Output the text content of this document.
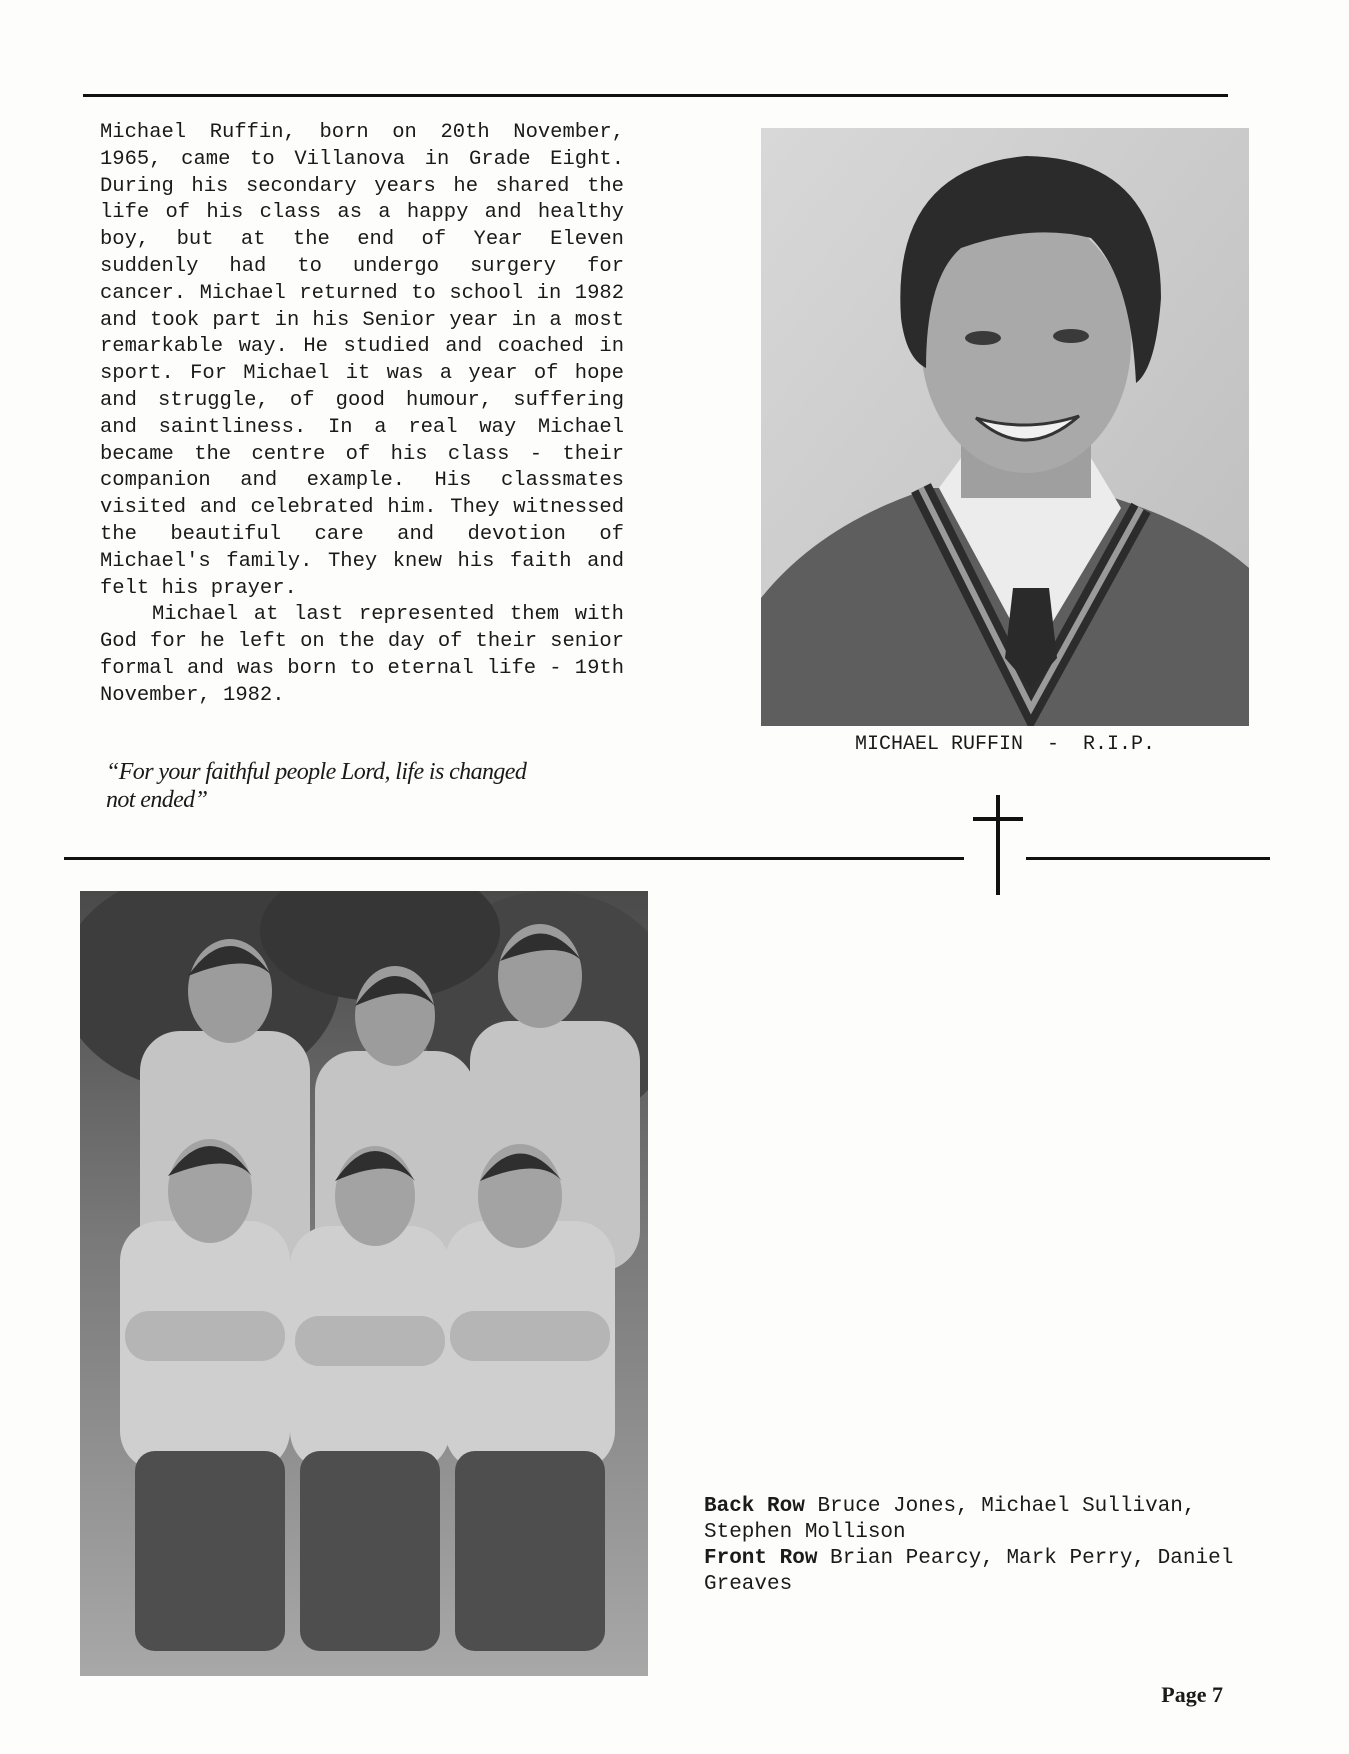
Michael Ruffin, born on 20th November, 1965, came to Villanova in Grade Eight. During his secondary years he shared the life of his class as a happy and healthy boy, but at the end of Year Eleven suddenly had to undergo surgery for cancer. Michael returned to school in 1982 and took part in his Senior year in a most remarkable way. He studied and coached in sport. For Michael it was a year of hope and struggle, of good humour, suffering and saintliness. In a real way Michael became the centre of his class - their companion and example. His classmates visited and celebrated him. They witnessed the beautiful care and devotion of Michael's family. They knew his faith and felt his prayer.

Michael at last represented them with God for he left on the day of their senior formal and was born to eternal life - 19th November, 1982.

“For your faithful people Lord, life is changed not ended”
MICHAEL RUFFIN  -  R.I.P.
Back Row Bruce Jones, Michael Sullivan, Stephen Mollison
Front Row Brian Pearcy, Mark Perry, Daniel Greaves
Page 7
